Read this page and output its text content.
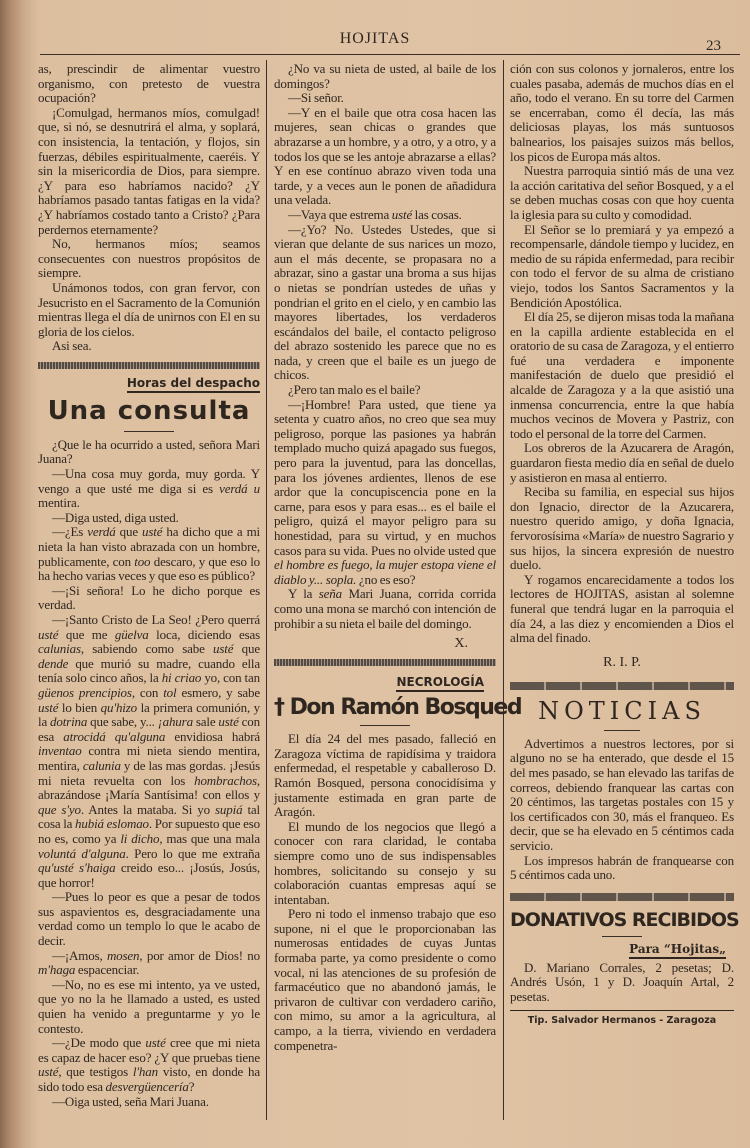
HOJITAS	23

as, prescindir de alimentar vuestro organismo, con pretesto de vuestra ocupación?

¡Comulgad, hermanos míos, comulgad! que, si nó, se desnutrirá el alma, y soplará, con insistencia, la tentación, y flojos, sin fuerzas, débiles espiritualmente, caeréis. Y sin la misericordia de Dios, para siempre. ¿Y para eso habríamos nacido? ¿Y habríamos pasado tantas fatigas en la vida? ¿Y habríamos costado tanto a Cristo? ¿Para perdernos eternamente?

No, hermanos míos; seamos consecuentes con nuestros propósitos de siempre.

Unámonos todos, con gran fervor, con Jesucristo en el Sacramento de la Comunión mientras llega el día de unirnos con El en su gloria de los cielos.

Asi sea.

Horas del despacho
Una consulta

¿Que le ha ocurrido a usted, señora Mari Juana?

—Una cosa muy gorda, muy gorda. Y vengo a que usté me diga si es verdá u mentira.

—Diga usted, diga usted.

—¿Es verdá que usté ha dicho que a mi nieta la han visto abrazada con un hombre, publicamente, con too descaro, y que eso lo ha hecho varias veces y que eso es público?

—¡Si señora! Lo he dicho porque es verdad.

—¡Santo Cristo de La Seo! ¿Pero querrá usté que me güelva loca, diciendo esas calunias, sabiendo como sabe usté que dende que murió su madre, cuando ella tenía solo cinco años, la hi criao yo, con tan güenos prencipios, con tol esmero, y sabe usté lo bien qu'hizo la primera comunión, y la dotrina que sabe, y... ¡ahura sale usté con esa atrocidá qu'alguna envidiosa habrá inventao contra mi nieta siendo mentira, mentira, calunia y de las mas gordas. ¡Jesús mi nieta revuelta con los hombrachos, abrazándose ¡María Santísima! con ellos y que s'yo. Antes la mataba. Si yo supiá tal cosa la hubiá eslomao. Por supuesto que eso no es, como ya li dicho, mas que una mala voluntá d'alguna. Pero lo que me extraña qu'usté s'haiga creido eso... ¡Josús, Josús, que horror!

—Pues lo peor es que a pesar de todos sus aspavientos es, desgraciadamente una verdad como un templo lo que le acabo de decir.

—¡Amos, mosen, por amor de Dios! no m'haga espacenciar.

—No, no es ese mi intento, ya ve usted, que yo no la he llamado a usted, es usted quien ha venido a preguntarme y yo le contesto.

—¿De modo que usté cree que mi nieta es capaz de hacer eso? ¿Y que pruebas tiene usté, que testigos l'han visto, en donde ha sido todo esa desvergüencería?

—Oiga usted, seña Mari Juana.

¿No va su nieta de usted, al baile de los domingos?

—Si señor.

—Y en el baile que otra cosa hacen las mujeres, sean chicas o grandes que abrazarse a un hombre, y a otro, y a otro, y a todos los que se les antoje abrazarse a ellas? Y en ese contínuo abrazo viven toda una tarde, y a veces aun le ponen de añadidura una velada.

—Vaya que estrema usté las cosas.

—¿Yo? No. Ustedes Ustedes, que si vieran que delante de sus narices un mozo, aun el más decente, se propasara no a abrazar, sino a gastar una broma a sus hijas o nietas se pondrían ustedes de uñas y pondrian el grito en el cielo, y en cambio las mayores libertades, los verdaderos escándalos del baile, el contacto peligroso del abrazo sostenido les parece que no es nada, y creen que el baile es un juego de chicos.

¿Pero tan malo es el baile?

—¡Hombre! Para usted, que tiene ya setenta y cuatro años, no creo que sea muy peligroso, porque las pasiones ya habrán templado mucho quizá apagado sus fuegos, pero para la juventud, para las doncellas, para los jóvenes ardientes, llenos de ese ardor que la concupiscencia pone en la carne, para esos y para esas... es el baile el peligro, quizá el mayor peligro para su honestidad, para su virtud, y en muchos casos para su vida. Pues no olvide usted que el hombre es fuego, la mujer estopa viene el diablo y... sopla. ¿no es eso?

Y la seña Mari Juana, corrida corrida como una mona se marchó con intención de prohibir a su nieta el baile del domingo.

X.
NECROLOGÍA
† Don Ramón Bosqued

El día 24 del mes pasado, falleció en Zaragoza víctima de rapidísima y traidora enfermedad, el respetable y caballeroso D. Ramón Bosqued, persona conocidísima y justamente estimada en gran parte de Aragón.

El mundo de los negocios que llegó a conocer con rara claridad, le contaba siempre como uno de sus indispensables hombres, solicitando su consejo y su colaboración cuantas empresas aquí se intentaban.

Pero ni todo el inmenso trabajo que eso supone, ni el que le proporcionaban las numerosas entidades de cuyas Juntas formaba parte, ya como presidente o como vocal, ni las atenciones de su profesión de farmacéutico que no abandonó jamás, le privaron de cultivar con verdadero cariño, con mimo, su amor a la agricultura, al campo, a la tierra, viviendo en verdadera compenetra-

ción con sus colonos y jornaleros, entre los cuales pasaba, además de muchos días en el año, todo el verano. En su torre del Carmen se encerraban, como él decía, las más deliciosas playas, los más suntuosos balnearios, los paisajes suizos más bellos, los picos de Europa más altos.

Nuestra parroquia sintió más de una vez la acción caritativa del señor Bosqued, y a el se deben muchas cosas con que hoy cuenta la iglesia para su culto y comodidad.

El Señor se lo premiará y ya empezó a recompensarle, dándole tiempo y lucidez, en medio de su rápida enfermedad, para recibir con todo el fervor de su alma de cristiano viejo, todos los Santos Sacramentos y la Bendición Apostólica.

El día 25, se dijeron misas toda la mañana en la capilla ardiente establecida en el oratorio de su casa de Zaragoza, y el entierro fué una verdadera e imponente manifestación de duelo que presidió el alcalde de Zaragoza y a la que asistió una inmensa concurrencia, entre la que había muchos vecinos de Movera y Pastriz, con todo el personal de la torre del Carmen.

Los obreros de la Azucarera de Aragón, guardaron fiesta medio día en señal de duelo y asistieron en masa al entierro.

Reciba su familia, en especial sus hijos don Ignacio, director de la Azucarera, nuestro querido amigo, y doña Ignacia, fervorosísima «María» de nuestro Sagrario y sus hijos, la sincera expresión de nuestro duelo.

Y rogamos encarecidamente a todos los lectores de HOJITAS, asistan al solemne funeral que tendrá lugar en la parroquia el día 24, a las diez y encomienden a Dios el alma del finado.

R. I. P.
NOTICIAS

Advertimos a nuestros lectores, por si alguno no se ha enterado, que desde el 15 del mes pasado, se han elevado las tarifas de correos, debiendo franquear las cartas con 20 céntimos, las targetas postales con 15 y los certificados con 30, más el franqueo. Es decir, que se ha elevado en 5 céntimos cada servicio.

Los impresos habrán de franquearse con 5 céntimos cada uno.

DONATIVOS RECIBIDOS
Para “Hojitas„

D. Mariano Corrales, 2 pesetas; D. Andrés Usón, 1 y D. Joaquín Artal, 2 pesetas.

Tip. Salvador Hermanos - Zaragoza
